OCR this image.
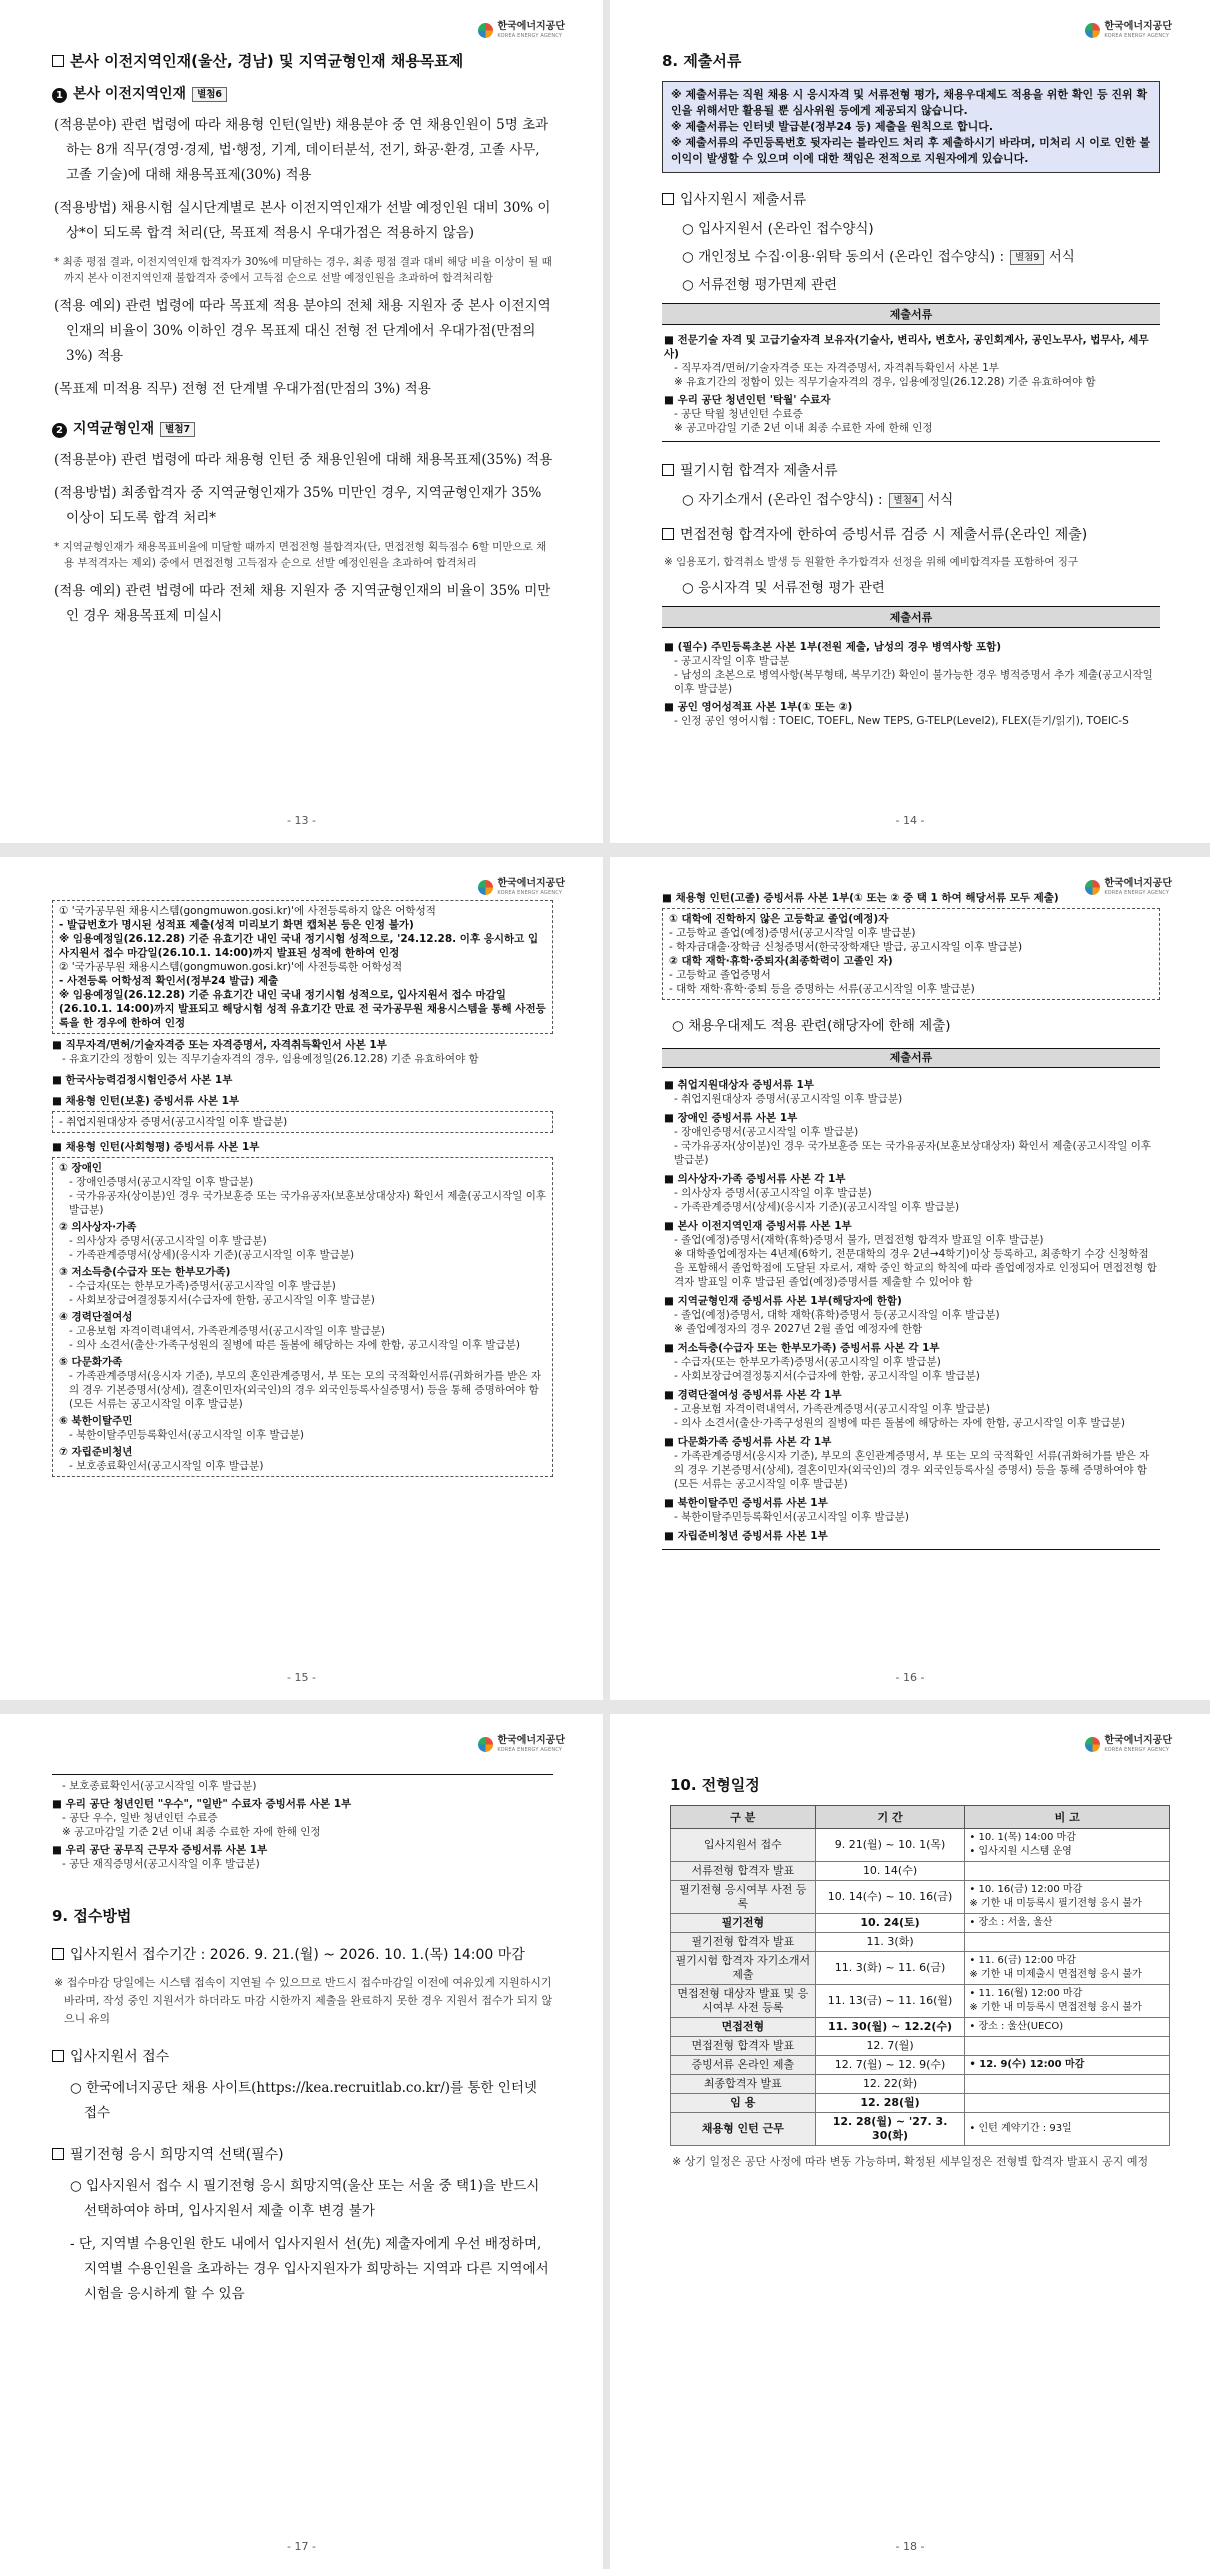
한국에너지공단
KOREA ENERGY AGENCY
본사 이전지역인재(울산, 경남) 및 지역균형인재 채용목표제
1 본사 이전지역인재 별첨6
(적용분야) 관련 법령에 따라 채용형 인턴(일반) 채용분야 중 연 채용인원이 5명 초과하는 8개 직무(경영·경제, 법·행정, 기계, 데이터분석, 전기, 화공·환경, 고졸 사무, 고졸 기술)에 대해 채용목표제(30%) 적용
(적용방법) 채용시험 실시단계별로 본사 이전지역인재가 선발 예정인원 대비 30% 이상*이 되도록 합격 처리(단, 목표제 적용시 우대가점은 적용하지 않음)
* 최종 평점 결과, 이전지역인재 합격자가 30%에 미달하는 경우, 최종 평점 결과 대비 해당 비율 이상이 될 때까지 본사 이전지역인재 불합격자 중에서 고득점 순으로 선발 예정인원을 초과하여 합격처리함
(적용 예외) 관련 법령에 따라 목표제 적용 분야의 전체 채용 지원자 중 본사 이전지역인재의 비율이 30% 이하인 경우 목표제 대신 전형 전 단계에서 우대가점(만점의 3%) 적용
(목표제 미적용 직무) 전형 전 단계별 우대가점(만점의 3%) 적용
2 지역균형인재 별첨7
(적용분야) 관련 법령에 따라 채용형 인턴 중 채용인원에 대해 채용목표제(35%) 적용
(적용방법) 최종합격자 중 지역균형인재가 35% 미만인 경우, 지역균형인재가 35% 이상이 되도록 합격 처리*
* 지역균형인재가 채용목표비율에 미달할 때까지 면접전형 불합격자(단, 면접전형 획득점수 6할 미만으로 채용 부적격자는 제외) 중에서 면접전형 고득점자 순으로 선발 예정인원을 초과하여 합격처리
(적용 예외) 관련 법령에 따라 전체 채용 지원자 중 지역균형인재의 비율이 35% 미만인 경우 채용목표제 미실시
- 13 -
한국에너지공단
KOREA ENERGY AGENCY
8. 제출서류
※ 제출서류는 직원 채용 시 응시자격 및 서류전형 평가, 채용우대제도 적용을 위한 확인 등 진위 확인을 위해서만 활용될 뿐 심사위원 등에게 제공되지 않습니다.
※ 제출서류는 인터넷 발급분(정부24 등) 제출을 원칙으로 합니다.
※ 제출서류의 주민등록번호 뒷자리는 블라인드 처리 후 제출하시기 바라며, 미처리 시 이로 인한 불이익이 발생할 수 있으며 이에 대한 책임은 전적으로 지원자에게 있습니다.
입사지원시 제출서류
○ 입사지원서 (온라인 접수양식)
○ 개인정보 수집·이용·위탁 동의서 (온라인 접수양식) : 별첨9 서식
○ 서류전형 평가면제 관련
제출서류
■ 전문기술 자격 및 고급기술자격 보유자(기술사, 변리사, 변호사, 공인회계사, 공인노무사, 법무사, 세무사)
- 직무자격/면허/기술자격증 또는 자격증명서, 자격취득확인서 사본 1부
※ 유효기간의 정함이 있는 직무기술자격의 경우, 임용예정일(26.12.28) 기준 유효하여야 함
■ 우리 공단 청년인턴 '탁월' 수료자
- 공단 탁월 청년인턴 수료증
※ 공고마감일 기준 2년 이내 최종 수료한 자에 한해 인정
필기시험 합격자 제출서류
○ 자기소개서 (온라인 접수양식) : 별첨4 서식
면접전형 합격자에 한하여 증빙서류 검증 시 제출서류(온라인 제출)
※ 임용포기, 합격취소 발생 등 원활한 추가합격자 선정을 위해 예비합격자를 포함하여 징구
○ 응시자격 및 서류전형 평가 관련
제출서류
■ (필수) 주민등록초본 사본 1부(전원 제출, 남성의 경우 병역사항 포함)
- 공고시작일 이후 발급분
- 남성의 초본으로 병역사항(복무형태, 복무기간) 확인이 불가능한 경우 병적증명서 추가 제출(공고시작일 이후 발급분)
■ 공인 영어성적표 사본 1부(① 또는 ②)
- 인정 공인 영어시험 : TOEIC, TOEFL, New TEPS, G-TELP(Level2), FLEX(듣기/읽기), TOEIC-S
- 14 -
한국에너지공단
KOREA ENERGY AGENCY
① '국가공무원 채용시스템(gongmuwon.gosi.kr)'에 사전등록하지 않은 어학성적
- 발급번호가 명시된 성적표 제출(성적 미리보기 화면 캡처본 등은 인정 불가)
※ 임용예정일(26.12.28) 기준 유효기간 내인 국내 정기시험 성적으로, '24.12.28. 이후 응시하고 입사지원서 접수 마감일(26.10.1. 14:00)까지 발표된 성적에 한하여 인정
② '국가공무원 채용시스템(gongmuwon.gosi.kr)'에 사전등록한 어학성적
- 사전등록 어학성적 확인서(정부24 발급) 제출
※ 임용예정일(26.12.28) 기준 유효기간 내인 국내 정기시험 성적으로, 입사지원서 접수 마감일(26.10.1. 14:00)까지 발표되고 해당시험 성적 유효기간 만료 전 국가공무원 채용시스템을 통해 사전등록을 한 경우에 한하여 인정
■ 직무자격/면허/기술자격증 또는 자격증명서, 자격취득확인서 사본 1부
- 유효기간의 정함이 있는 직무기술자격의 경우, 임용예정일(26.12.28) 기준 유효하여야 함
■ 한국사능력검정시험인증서 사본 1부
■ 채용형 인턴(보훈) 증빙서류 사본 1부
- 취업지원대상자 증명서(공고시작일 이후 발급분)
■ 채용형 인턴(사회형평) 증빙서류 사본 1부
① 장애인
- 장애인증명서(공고시작일 이후 발급분)
- 국가유공자(상이분)인 경우 국가보훈증 또는 국가유공자(보훈보상대상자) 확인서 제출(공고시작일 이후 발급분)
② 의사상자·가족
- 의사상자 증명서(공고시작일 이후 발급분)
- 가족관계증명서(상세)(응시자 기준)(공고시작일 이후 발급분)
③ 저소득층(수급자 또는 한부모가족)
- 수급자(또는 한부모가족)증명서(공고시작일 이후 발급분)
- 사회보장급여결정통지서(수급자에 한함, 공고시작일 이후 발급분)
④ 경력단절여성
- 고용보험 자격이력내역서, 가족관계증명서(공고시작일 이후 발급분)
- 의사 소견서(출산·가족구성원의 질병에 따른 돌봄에 해당하는 자에 한함, 공고시작일 이후 발급분)
⑤ 다문화가족
- 가족관계증명서(응시자 기준), 부모의 혼인관계증명서, 부 또는 모의 국적확인서류(귀화허가를 받은 자의 경우 기본증명서(상세), 결혼이민자(외국인)의 경우 외국인등록사실증명서) 등을 통해 증명하여야 함(모든 서류는 공고시작일 이후 발급분)
⑥ 북한이탈주민
- 북한이탈주민등록확인서(공고시작일 이후 발급분)
⑦ 자립준비청년
- 보호종료확인서(공고시작일 이후 발급분)
- 15 -
한국에너지공단
KOREA ENERGY AGENCY
■ 채용형 인턴(고졸) 증빙서류 사본 1부(① 또는 ② 중 택 1 하여 해당서류 모두 제출)
① 대학에 진학하지 않은 고등학교 졸업(예정)자
- 고등학교 졸업(예정)증명서(공고시작일 이후 발급분)
- 학자금대출·장학금 신청증명서(한국장학재단 발급, 공고시작일 이후 발급분)
② 대학 재학·휴학·중퇴자(최종학력이 고졸인 자)
- 고등학교 졸업증명서
- 대학 재학·휴학·중퇴 등을 증명하는 서류(공고시작일 이후 발급분)
○ 채용우대제도 적용 관련(해당자에 한해 제출)
제출서류
■ 취업지원대상자 증빙서류 1부
- 취업지원대상자 증명서(공고시작일 이후 발급분)
■ 장애인 증빙서류 사본 1부
- 장애인증명서(공고시작일 이후 발급분)
- 국가유공자(상이분)인 경우 국가보훈증 또는 국가유공자(보훈보상대상자) 확인서 제출(공고시작일 이후 발급분)
■ 의사상자·가족 증빙서류 사본 각 1부
- 의사상자 증명서(공고시작일 이후 발급분)
- 가족관계증명서(상세)(응시자 기준)(공고시작일 이후 발급분)
■ 본사 이전지역인재 증빙서류 사본 1부
- 졸업(예정)증명서(재학(휴학)증명서 불가, 면접전형 합격자 발표일 이후 발급분)
※ 대학졸업예정자는 4년제(6학기, 전문대학의 경우 2년→4학기)이상 등록하고, 최종학기 수강 신청학점을 포함해서 졸업학점에 도달된 자로서, 재학 중인 학교의 학칙에 따라 졸업예정자로 인정되어 면접전형 합격자 발표일 이후 발급된 졸업(예정)증명서를 제출할 수 있어야 함
■ 지역균형인재 증빙서류 사본 1부(해당자에 한함)
- 졸업(예정)증명서, 대학 재학(휴학)증명서 등(공고시작일 이후 발급분)
※ 졸업예정자의 경우 2027년 2월 졸업 예정자에 한함
■ 저소득층(수급자 또는 한부모가족) 증빙서류 사본 각 1부
- 수급자(또는 한부모가족)증명서(공고시작일 이후 발급분)
- 사회보장급여결정통지서(수급자에 한함, 공고시작일 이후 발급분)
■ 경력단절여성 증빙서류 사본 각 1부
- 고용보험 자격이력내역서, 가족관계증명서(공고시작일 이후 발급분)
- 의사 소견서(출산·가족구성원의 질병에 따른 돌봄에 해당하는 자에 한함, 공고시작일 이후 발급분)
■ 다문화가족 증빙서류 사본 각 1부
- 가족관계증명서(응시자 기준), 부모의 혼인관계증명서, 부 또는 모의 국적확인 서류(귀화허가를 받은 자의 경우 기본증명서(상세), 결혼이민자(외국인)의 경우 외국인등록사실 증명서) 등을 통해 증명하여야 함(모든 서류는 공고시작일 이후 발급분)
■ 북한이탈주민 증빙서류 사본 1부
- 북한이탈주민등록확인서(공고시작일 이후 발급분)
■ 자립준비청년 증빙서류 사본 1부
- 16 -
한국에너지공단
KOREA ENERGY AGENCY
- 보호종료확인서(공고시작일 이후 발급분)
■ 우리 공단 청년인턴 "우수", "일반" 수료자 증빙서류 사본 1부
- 공단 우수, 일반 청년인턴 수료증
※ 공고마감일 기준 2년 이내 최종 수료한 자에 한해 인정
■ 우리 공단 공무직 근무자 증빙서류 사본 1부
- 공단 재직증명서(공고시작일 이후 발급분)
9. 접수방법
입사지원서 접수기간 : 2026. 9. 21.(월) ~ 2026. 10. 1.(목) 14:00 마감
※ 접수마감 당일에는 시스템 접속이 지연될 수 있으므로 반드시 접수마감일 이전에 여유있게 지원하시기 바라며, 작성 중인 지원서가 하더라도 마감 시한까지 제출을 완료하지 못한 경우 지원서 접수가 되지 않으니 유의
입사지원서 접수
○ 한국에너지공단 채용 사이트(https://kea.recruitlab.co.kr/)를 통한 인터넷 접수
필기전형 응시 희망지역 선택(필수)
○ 입사지원서 접수 시 필기전형 응시 희망지역(울산 또는 서울 중 택1)을 반드시 선택하여야 하며, 입사지원서 제출 이후 변경 불가
- 단, 지역별 수용인원 한도 내에서 입사지원서 선(先) 제출자에게 우선 배정하며, 지역별 수용인원을 초과하는 경우 입사지원자가 희망하는 지역과 다른 지역에서 시험을 응시하게 할 수 있음
- 17 -
한국에너지공단
KOREA ENERGY AGENCY
10. 전형일정
구 분	기 간	비 고
입사지원서 접수	9. 21(월) ~ 10. 1(목)	• 10. 1(목) 14:00 마감
• 입사지원 시스템 운영
서류전형 합격자 발표	10. 14(수)	
필기전형 응시여부 사전 등록	10. 14(수) ~ 10. 16(금)	• 10. 16(금) 12:00 마감
※ 기한 내 미등록시 필기전형 응시 불가
필기전형	10. 24(토)	• 장소 : 서울, 울산
필기전형 합격자 발표	11. 3(화)	
필기시험 합격자 자기소개서 제출	11. 3(화) ~ 11. 6(금)	• 11. 6(금) 12:00 마감
※ 기한 내 미제출시 면접전형 응시 불가
면접전형 대상자 발표 및 응시여부 사전 등록	11. 13(금) ~ 11. 16(월)	• 11. 16(월) 12:00 마감
※ 기한 내 미등록시 면접전형 응시 불가
면접전형	11. 30(월) ~ 12.2(수)	• 장소 : 울산(UECO)
면접전형 합격자 발표	12. 7(월)	
증빙서류 온라인 제출	12. 7(월) ~ 12. 9(수)	• 12. 9(수) 12:00 마감
최종합격자 발표	12. 22(화)	
임 용	12. 28(월)	
채용형 인턴 근무	12. 28(월) ~ '27. 3. 30(화)	• 인턴 계약기간 : 93일
※ 상기 일정은 공단 사정에 따라 변동 가능하며, 확정된 세부일정은 전형별 합격자 발표시 공지 예정
- 18 -
